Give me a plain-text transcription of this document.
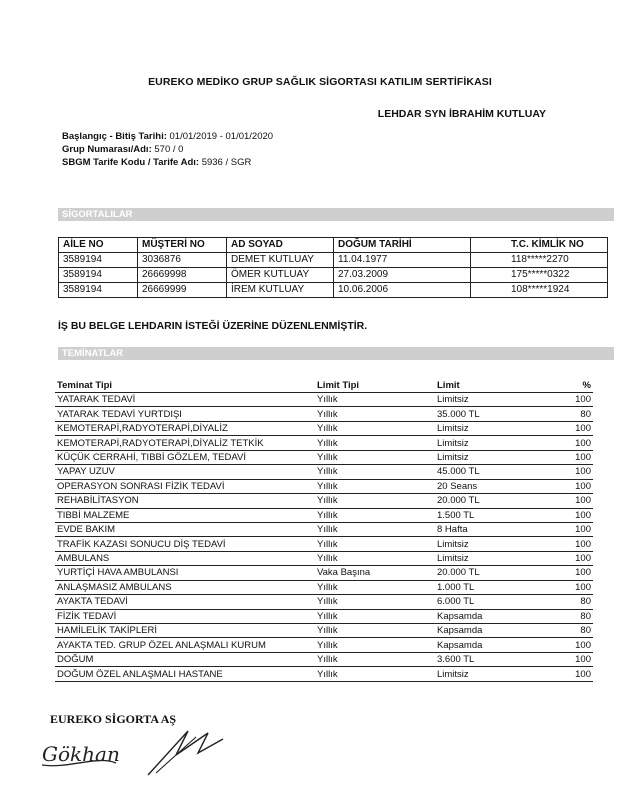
EUREKO MEDİKO GRUP SAĞLIK SİGORTASI KATILIM SERTİFİKASI
LEHDAR SYN İBRAHİM KUTLUAY
Başlangıç - Bitiş Tarihi: 01/01/2019 - 01/01/2020
Grup Numarası/Adı: 570 / 0
SBGM Tarife Kodu / Tarife Adı: 5936 / SGR
SİGORTALILAR
AİLE NO	MÜŞTERİ NO	AD SOYAD	DOĞUM TARİHİ	T.C. KİMLİK NO
3589194	3036876	DEMET KUTLUAY	11.04.1977	118*****2270
3589194	26669998	ÖMER KUTLUAY	27.03.2009	175*****0322
3589194	26669999	İREM KUTLUAY	10.06.2006	108*****1924
İŞ BU BELGE LEHDARIN İSTEĞİ ÜZERİNE DÜZENLENMİŞTİR.
TEMİNATLAR
Teminat Tipi	Limit Tipi	Limit	%
YATARAK TEDAVİ	Yıllık	Limitsiz	100
YATARAK TEDAVİ YURTDIŞI	Yıllık	35.000 TL	80
KEMOTERAPİ,RADYOTERAPİ,DİYALİZ	Yıllık	Limitsiz	100
KEMOTERAPİ,RADYOTERAPİ,DİYALİZ TETKİK	Yıllık	Limitsiz	100
KÜÇÜK CERRAHİ, TIBBİ GÖZLEM, TEDAVİ	Yıllık	Limitsiz	100
YAPAY UZUV	Yıllık	45.000 TL	100
OPERASYON SONRASI FİZİK TEDAVİ	Yıllık	20 Seans	100
REHABİLİTASYON	Yıllık	20.000 TL	100
TIBBİ MALZEME	Yıllık	1.500 TL	100
EVDE BAKIM	Yıllık	8 Hafta	100
TRAFİK KAZASI SONUCU DİŞ TEDAVİ	Yıllık	Limitsiz	100
AMBULANS	Yıllık	Limitsiz	100
YURTİÇİ HAVA AMBULANSI	Vaka Başına	20.000 TL	100
ANLAŞMASIZ AMBULANS	Yıllık	1.000 TL	100
AYAKTA TEDAVİ	Yıllık	6.000 TL	80
FİZİK TEDAVİ	Yıllık	Kapsamda	80
HAMİLELİK TAKİPLERİ	Yıllık	Kapsamda	80
AYAKTA TED. GRUP ÖZEL ANLAŞMALI KURUM	Yıllık	Kapsamda	100
DOĞUM	Yıllık	3.600 TL	100
DOĞUM ÖZEL ANLAŞMALI HASTANE	Yıllık	Limitsiz	100
EUREKO SİGORTA AŞ
Gökhan
